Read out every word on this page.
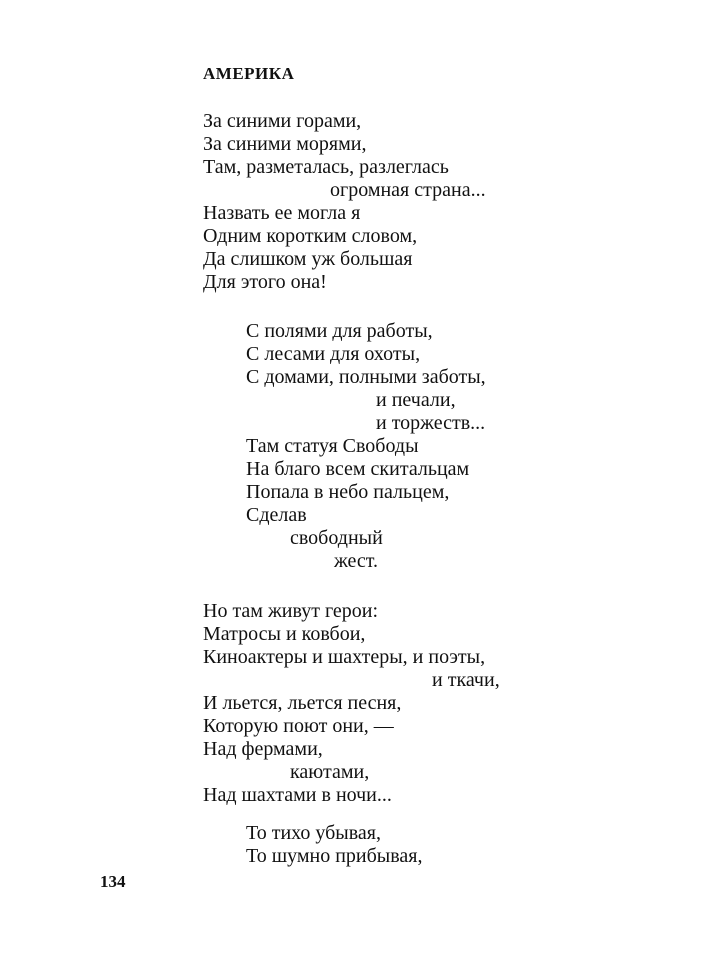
АМЕРИКА
За синими горами,
За синими морями,
Там, разметалась, разлеглась
огромная страна...
Назвать ее могла я
Одним коротким словом,
Да слишком уж большая
Для этого она!
С полями для работы,
С лесами для охоты,
С домами, полными заботы,
и печали,
и торжеств...
Там статуя Свободы
На благо всем скитальцам
Попала в небо пальцем,
Сделав
свободный
жест.
Но там живут герои:
Матросы и ковбои,
Киноактеры и шахтеры, и поэты,
и ткачи,
И льется, льется песня,
Которую поют они, —
Над фермами,
каютами,
Над шахтами в ночи...
То тихо убывая,
То шумно прибывая,
134
